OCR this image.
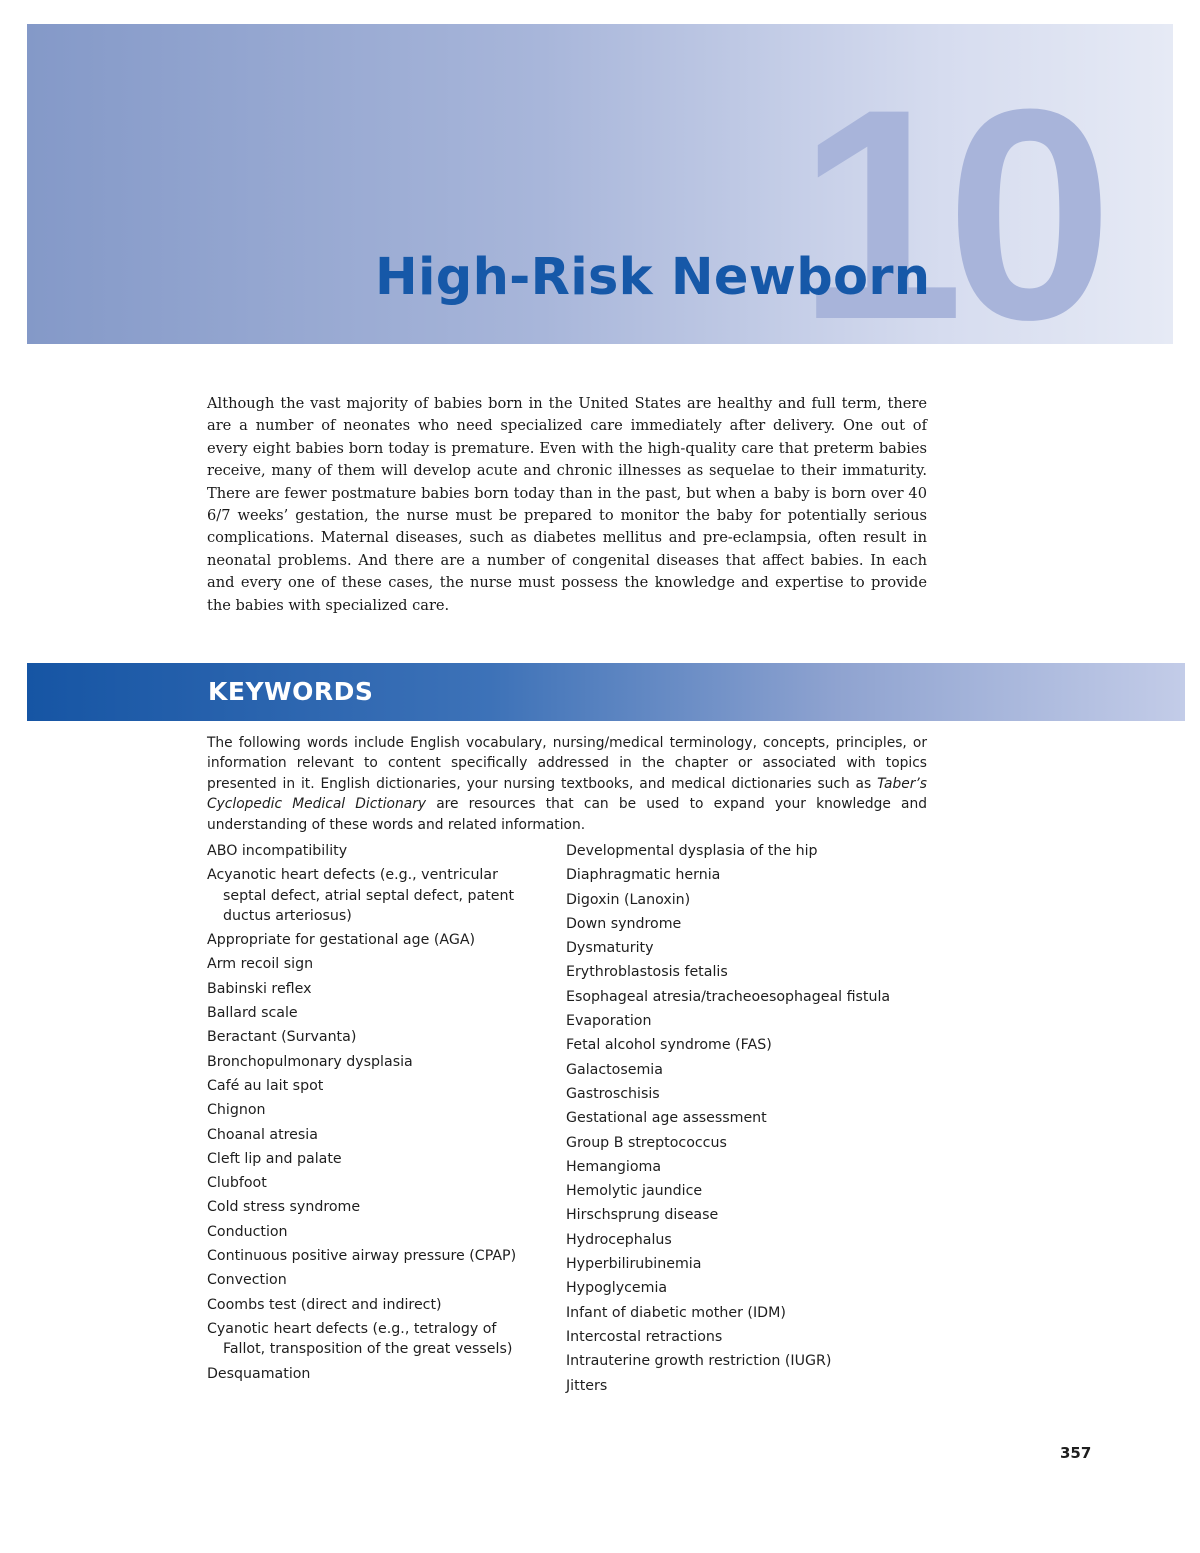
10
High-Risk Newborn

Although the vast majority of babies born in the United States are healthy and full term, there are a number of neonates who need specialized care immediately after delivery. One out of every eight babies born today is premature. Even with the high-quality care that preterm babies receive, many of them will develop acute and chronic illnesses as sequelae to their immaturity. There are fewer postmature babies born today than in the past, but when a baby is born over 40 6/7 weeks’ gestation, the nurse must be prepared to monitor the baby for potentially serious complications. Maternal diseases, such as diabetes mellitus and pre-eclampsia, often result in neonatal problems. And there are a number of congenital diseases that affect babies. In each and every one of these cases, the nurse must possess the knowledge and expertise to provide the babies with specialized care.

KEYWORDS

The following words include English vocabulary, nursing/medical terminology, concepts, principles, or information relevant to content specifically addressed in the chapter or associated with topics presented in it. English dictionaries, your nursing textbooks, and medical dictionaries such as Taber’s Cyclopedic Medical Dictionary are resources that can be used to expand your knowledge and understanding of these words and related information.

ABO incompatibility
Acyanotic heart defects (e.g., ventricular septal defect, atrial septal defect, patent ductus arteriosus)
Appropriate for gestational age (AGA)
Arm recoil sign
Babinski reflex
Ballard scale
Beractant (Survanta)
Bronchopulmonary dysplasia
Café au lait spot
Chignon
Choanal atresia
Cleft lip and palate
Clubfoot
Cold stress syndrome
Conduction
Continuous positive airway pressure (CPAP)
Convection
Coombs test (direct and indirect)
Cyanotic heart defects (e.g., tetralogy of Fallot, transposition of the great vessels)
Desquamation
Developmental dysplasia of the hip
Diaphragmatic hernia
Digoxin (Lanoxin)
Down syndrome
Dysmaturity
Erythroblastosis fetalis
Esophageal atresia/tracheoesophageal fistula
Evaporation
Fetal alcohol syndrome (FAS)
Galactosemia
Gastroschisis
Gestational age assessment
Group B streptococcus
Hemangioma
Hemolytic jaundice
Hirschsprung disease
Hydrocephalus
Hyperbilirubinemia
Hypoglycemia
Infant of diabetic mother (IDM)
Intercostal retractions
Intrauterine growth restriction (IUGR)
Jitters
357
